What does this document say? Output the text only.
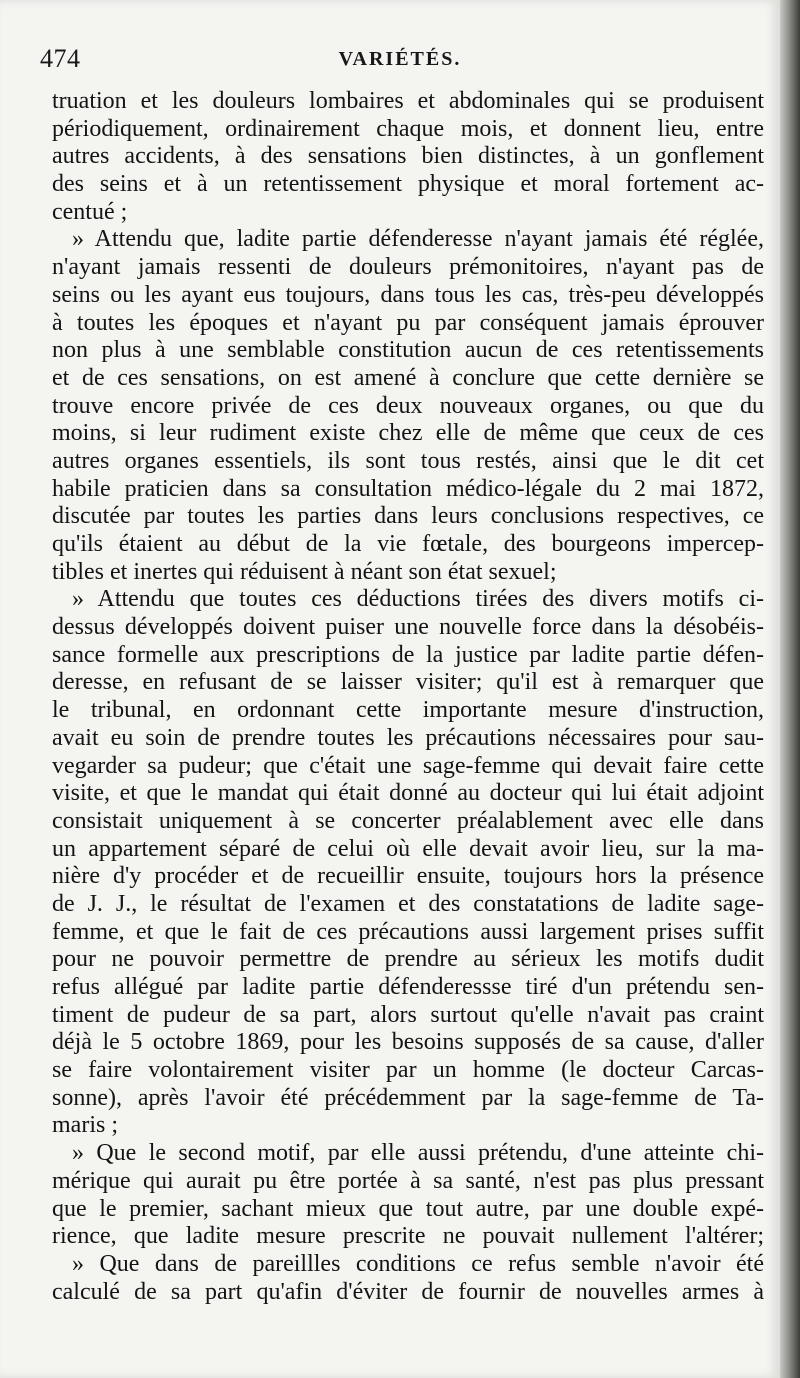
474	VARIÉTÉS.
truation et les douleurs lombaires et abdominales qui se produisent
périodiquement, ordinairement chaque mois, et donnent lieu, entre
autres accidents, à des sensations bien distinctes, à un gonflement
des seins et à un retentissement physique et moral fortement ac-
centué ;
» Attendu que, ladite partie défenderesse n'ayant jamais été réglée,
n'ayant jamais ressenti de douleurs prémonitoires, n'ayant pas de
seins ou les ayant eus toujours, dans tous les cas, très-peu développés
à toutes les époques et n'ayant pu par conséquent jamais éprouver
non plus à une semblable constitution aucun de ces retentissements
et de ces sensations, on est amené à conclure que cette dernière se
trouve encore privée de ces deux nouveaux organes, ou que du
moins, si leur rudiment existe chez elle de même que ceux de ces
autres organes essentiels, ils sont tous restés, ainsi que le dit cet
habile praticien dans sa consultation médico-légale du 2 mai 1872,
discutée par toutes les parties dans leurs conclusions respectives, ce
qu'ils étaient au début de la vie fœtale, des bourgeons impercep-
tibles et inertes qui réduisent à néant son état sexuel;
» Attendu que toutes ces déductions tirées des divers motifs ci-
dessus développés doivent puiser une nouvelle force dans la désobéis-
sance formelle aux prescriptions de la justice par ladite partie défen-
deresse, en refusant de se laisser visiter; qu'il est à remarquer que
le tribunal, en ordonnant cette importante mesure d'instruction,
avait eu soin de prendre toutes les précautions nécessaires pour sau-
vegarder sa pudeur; que c'était une sage-femme qui devait faire cette
visite, et que le mandat qui était donné au docteur qui lui était adjoint
consistait uniquement à se concerter préalablement avec elle dans
un appartement séparé de celui où elle devait avoir lieu, sur la ma-
nière d'y procéder et de recueillir ensuite, toujours hors la présence
de J. J., le résultat de l'examen et des constatations de ladite sage-
femme, et que le fait de ces précautions aussi largement prises suffit
pour ne pouvoir permettre de prendre au sérieux les motifs dudit
refus allégué par ladite partie défenderessse tiré d'un prétendu sen-
timent de pudeur de sa part, alors surtout qu'elle n'avait pas craint
déjà le 5 octobre 1869, pour les besoins supposés de sa cause, d'aller
se faire volontairement visiter par un homme (le docteur Carcas-
sonne), après l'avoir été précédemment par la sage-femme de Ta-
maris ;
» Que le second motif, par elle aussi prétendu, d'une atteinte chi-
mérique qui aurait pu être portée à sa santé, n'est pas plus pressant
que le premier, sachant mieux que tout autre, par une double expé-
rience, que ladite mesure prescrite ne pouvait nullement l'altérer;
» Que dans de pareillles conditions ce refus semble n'avoir été
calculé de sa part qu'afin d'éviter de fournir de nouvelles armes à
